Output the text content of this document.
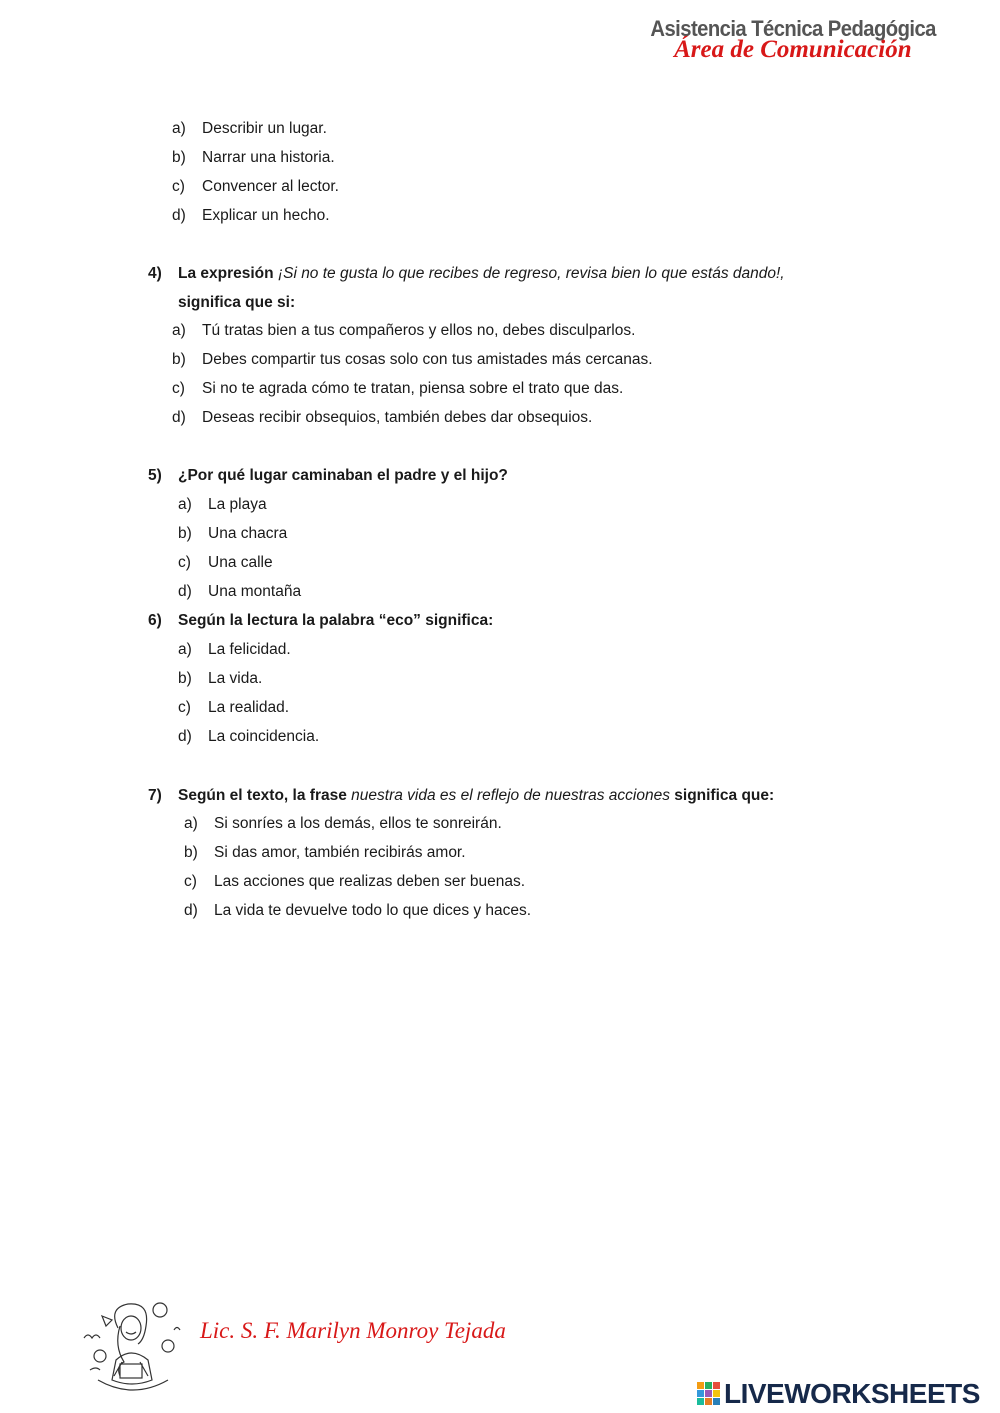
Asistencia Técnica Pedagógica
Área de Comunicación
a) Describir un lugar.
b) Narrar una historia.
c) Convencer al lector.
d) Explicar un hecho.
4) La expresión ¡Si no te gusta lo que recibes de regreso, revisa bien lo que estás dando!,
significa que si:
a) Tú tratas bien a tus compañeros y ellos no, debes disculparlos.
b) Debes compartir tus cosas solo con tus amistades más cercanas.
c) Si no te agrada cómo te tratan, piensa sobre el trato que das.
d) Deseas recibir obsequios, también debes dar obsequios.
5) ¿Por qué lugar caminaban el padre y el hijo?
a) La playa
b) Una chacra
c) Una calle
d) Una montaña
6) Según la lectura la palabra “eco” significa:
a) La felicidad.
b) La vida.
c) La realidad.
d) La coincidencia.
7) Según el texto, la frase nuestra vida es el reflejo de nuestras acciones significa que:
a) Si sonríes a los demás, ellos te sonreirán.
b) Si das amor, también recibirás amor.
c) Las acciones que realizas deben ser buenas.
d) La vida te devuelve todo lo que dices y haces.
Lic. S. F. Marilyn Monroy Tejada
LIVEWORKSHEETS
